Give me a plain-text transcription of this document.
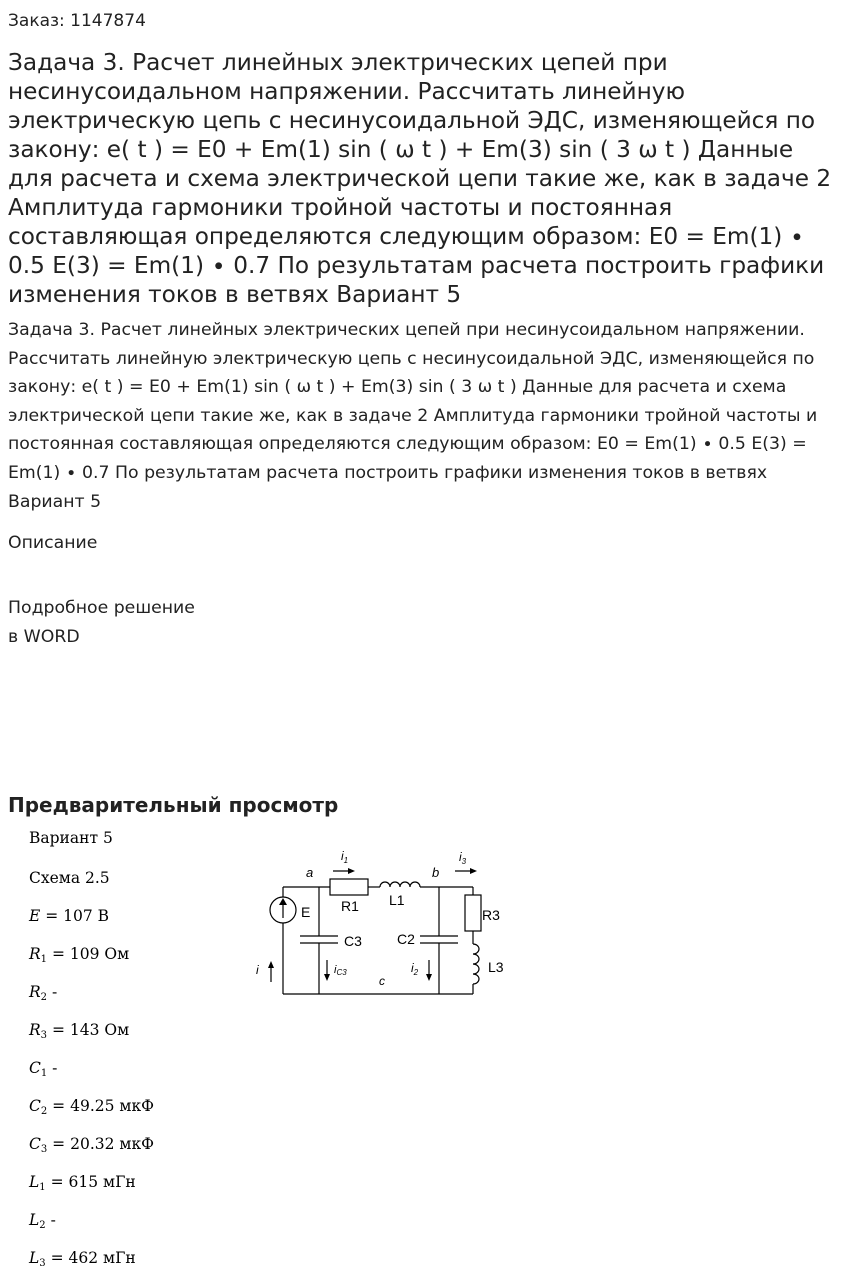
Заказ: 1147874
Задача 3. Расчет линейных электрических цепей при несинусоидальном напряжении. Рассчитать линейную электрическую цепь с несинусоидальной ЭДС, изменяющейся по закону: e( t ) = E0 + Em(1) sin ( ω t ) + Em(3) sin ( 3 ω t ) Данные для расчета и схема электрической цепи такие же, как в задаче 2 Амплитуда гармоники тройной частоты и постоянная составляющая определяются следующим образом: E0 = Em(1) ∙ 0.5 E(3) = Em(1) ∙ 0.7 По результатам расчета построить графики изменения токов в ветвях Вариант 5
Задача 3. Расчет линейных электрических цепей при несинусоидальном напряжении. Рассчитать линейную электрическую цепь с несинусоидальной ЭДС, изменяющейся по закону: e( t ) = E0 + Em(1) sin ( ω t ) + Em(3) sin ( 3 ω t ) Данные для расчета и схема электрической цепи такие же, как в задаче 2 Амплитуда гармоники тройной частоты и постоянная составляющая определяются следующим образом: E0 = Em(1) ∙ 0.5 E(3) = Em(1) ∙ 0.7 По результатам расчета построить графики изменения токов в ветвях Вариант 5
Описание
Подробное решение
в WORD
Предварительный просмотр
Вариант 5
Схема 2.5
E = 107 В
$R_1 = 109$ Ом
$R_2$ -
$R_3 = 143$ Ом
$C_1$ -
$C_2 = 49.25$ мкФ
$C_3 = 20.32$ мкФ
$L_1 = 615$ мГн
$L_2$ -
$L_3 = 462$ мГн
a	b
c
R1 L1
E
C3	C2
R3
L3
$i_1$	$i_3$
i	iC3	$i_2$
